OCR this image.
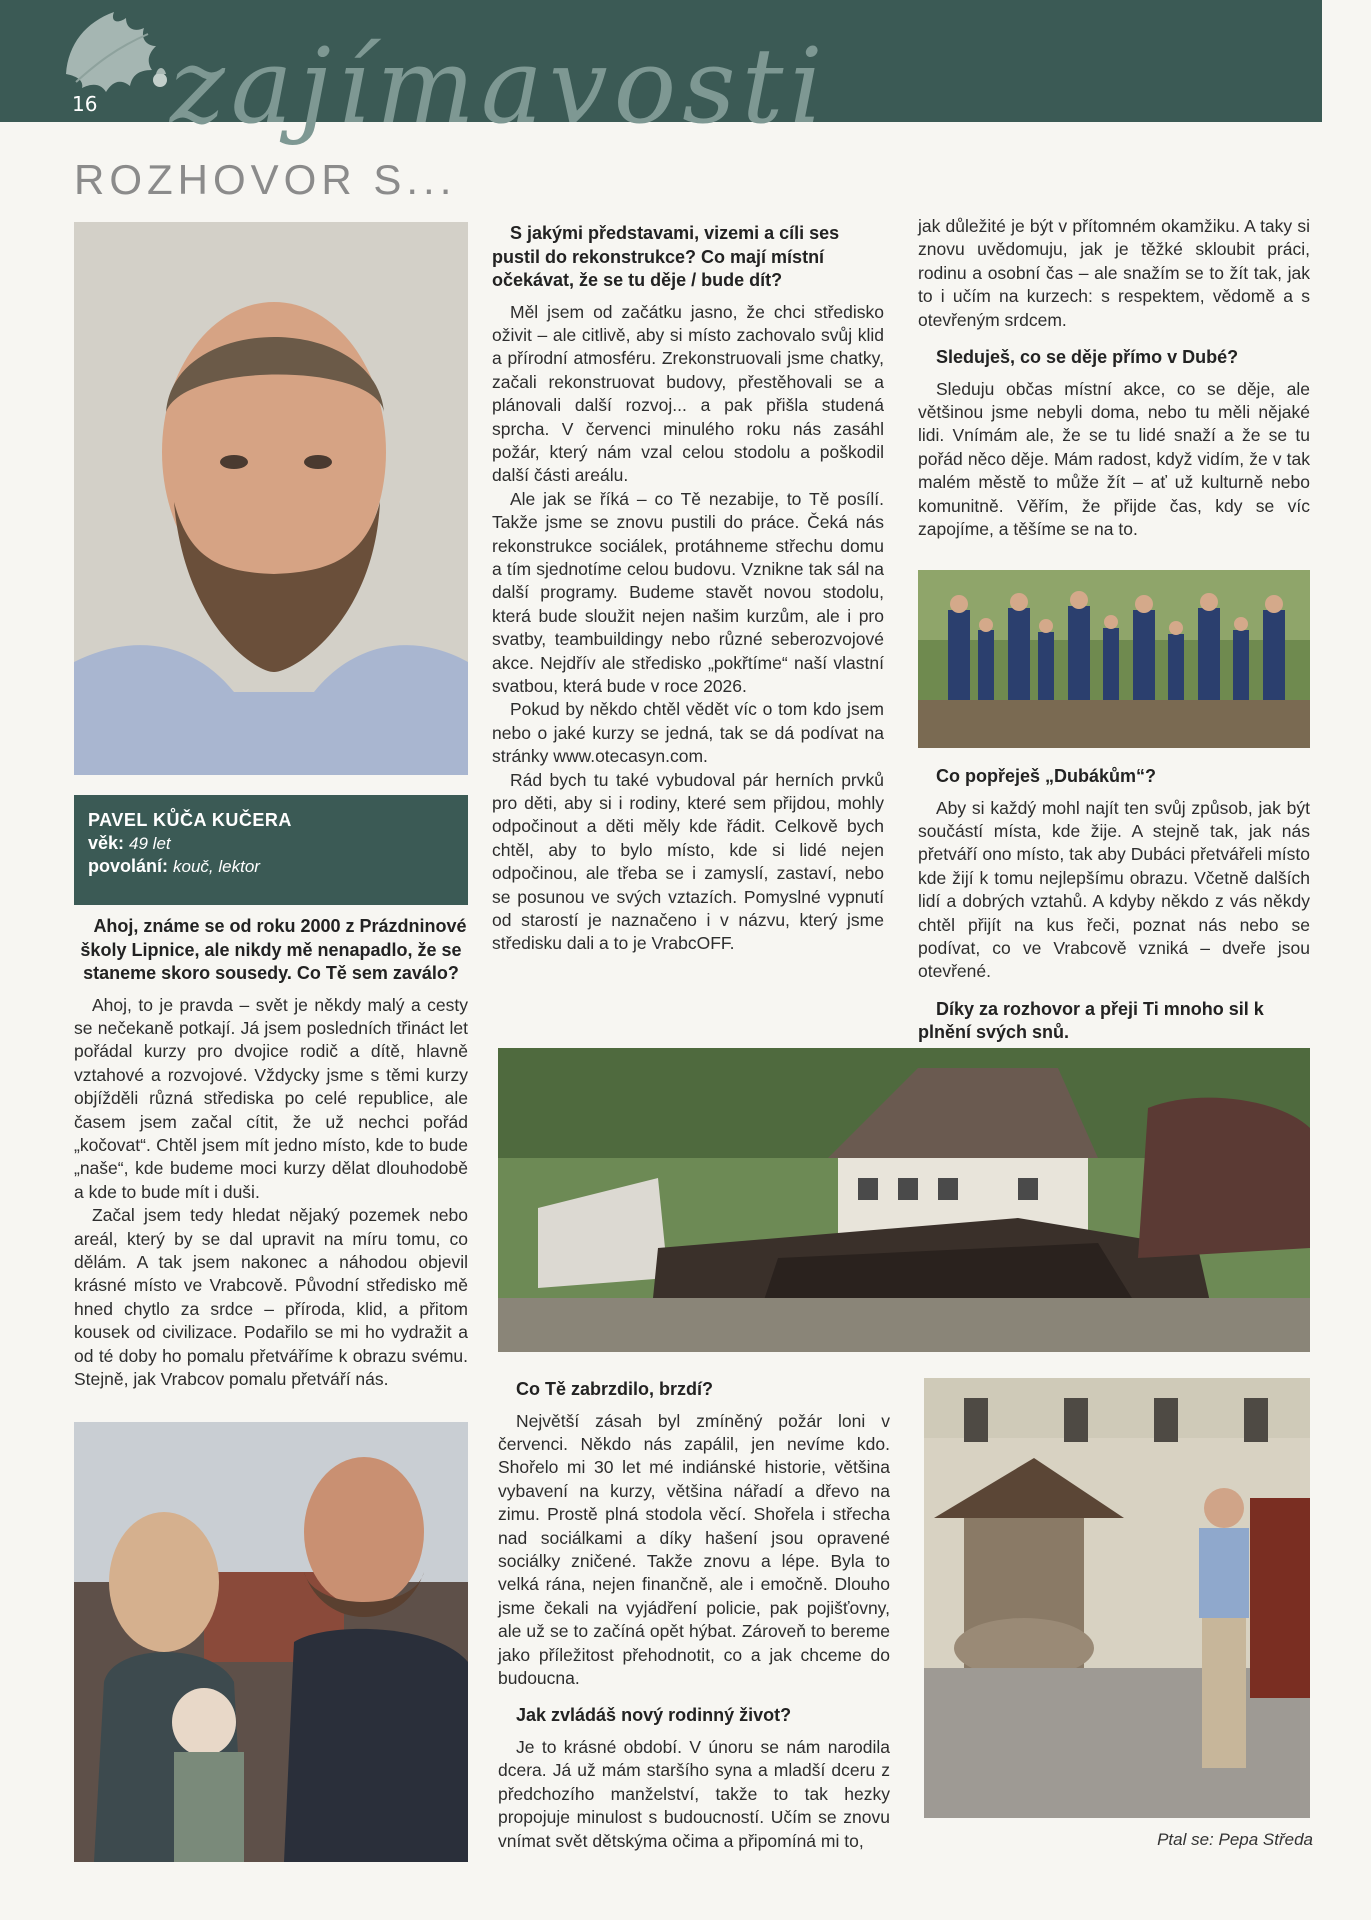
16 zajímavosti
ROZHOVOR S...
PAVEL KŮČA KUČERA
věk: 49 let
povolání: kouč, lektor
Ahoj, známe se od roku 2000 z Prázdninové školy Lipnice, ale nikdy mě nenapadlo, že se staneme skoro sousedy. Co Tě sem zaválo?

Ahoj, to je pravda – svět je někdy malý a cesty se nečekaně potkají. Já jsem posledních třináct let pořádal kurzy pro dvojice rodič a dítě, hlavně vztahové a rozvojové. Vždycky jsme s těmi kurzy objížděli různá střediska po celé republice, ale časem jsem začal cítit, že už nechci pořád „kočovat“. Chtěl jsem mít jedno místo, kde to bude „naše“, kde budeme moci kurzy dělat dlouhodobě a kde to bude mít i duši.

Začal jsem tedy hledat nějaký pozemek nebo areál, který by se dal upravit na míru tomu, co dělám. A tak jsem nakonec a náhodou objevil krásné místo ve Vrabcově. Původní středisko mě hned chytlo za srdce – příroda, klid, a přitom kousek od civilizace. Podařilo se mi ho vydražit a od té doby ho pomalu přetváříme k obrazu svému. Stejně, jak Vrabcov pomalu přetváří nás.

S jakými představami, vizemi a cíli ses pustil do rekonstrukce? Co mají místní očekávat, že se tu děje / bude dít?

Měl jsem od začátku jasno, že chci středisko oživit – ale citlivě, aby si místo zachovalo svůj klid a přírodní atmosféru. Zrekonstruovali jsme chatky, začali rekonstruovat budovy, přestěhovali se a plánovali další rozvoj... a pak přišla studená sprcha. V červenci minulého roku nás zasáhl požár, který nám vzal celou stodolu a poškodil další části areálu.

Ale jak se říká – co Tě nezabije, to Tě posílí. Takže jsme se znovu pustili do práce. Čeká nás rekonstrukce sociálek, protáhneme střechu domu a tím sjednotíme celou budovu. Vznikne tak sál na další programy. Budeme stavět novou stodolu, která bude sloužit nejen našim kurzům, ale i pro svatby, teambuildingy nebo různé seberozvojové akce. Nejdřív ale středisko „pokřtíme“ naší vlastní svatbou, která bude v roce 2026.

Pokud by někdo chtěl vědět víc o tom kdo jsem nebo o jaké kurzy se jedná, tak se dá podívat na stránky www.otecasyn.com.

Rád bych tu také vybudoval pár herních prvků pro děti, aby si i rodiny, které sem přijdou, mohly odpočinout a děti měly kde řádit. Celkově bych chtěl, aby to bylo místo, kde si lidé nejen odpočinou, ale třeba se i zamyslí, zastaví, nebo se posunou ve svých vztazích. Pomyslné vypnutí od starostí je naznačeno i v názvu, který jsme středisku dali a to je VrabcOFF.

jak důležité je být v přítomném okamžiku. A taky si znovu uvědomuju, jak je těžké skloubit práci, rodinu a osobní čas – ale snažím se to žít tak, jak to i učím na kurzech: s respektem, vědomě a s otevřeným srdcem.

Sleduješ, co se děje přímo v Dubé?

Sleduju občas místní akce, co se děje, ale většinou jsme nebyli doma, nebo tu měli nějaké lidi. Vnímám ale, že se tu lidé snaží a že se tu pořád něco děje. Mám radost, když vidím, že v tak malém městě to může žít – ať už kulturně nebo komunitně. Věřím, že přijde čas, kdy se víc zapojíme, a těšíme se na to.

Co popřeješ „Dubákům“?

Aby si každý mohl najít ten svůj způsob, jak být součástí místa, kde žije. A stejně tak, jak nás přetváří ono místo, tak aby Dubáci přetvářeli místo kde žijí k tomu nejlepšímu obrazu. Včetně dalších lidí a dobrých vztahů. A kdyby někdo z vás někdy chtěl přijít na kus řeči, poznat nás nebo se podívat, co ve Vrabcově vzniká – dveře jsou otevřené.

Díky za rozhovor a přeji Ti mnoho sil k plnění svých snů.
Co Tě zabrzdilo, brzdí?

Největší zásah byl zmíněný požár loni v červenci. Někdo nás zapálil, jen nevíme kdo. Shořelo mi 30 let mé indiánské historie, většina vybavení na kurzy, většina nářadí a dřevo na zimu. Prostě plná stodola věcí. Shořela i střecha nad sociálkami a díky hašení jsou opravené sociálky zničené. Takže znovu a lépe. Byla to velká rána, nejen finančně, ale i emočně. Dlouho jsme čekali na vyjádření policie, pak pojišťovny, ale už se to začíná opět hýbat. Zároveň to bereme jako příležitost přehodnotit, co a jak chceme do budoucna.

Jak zvládáš nový rodinný život?

Je to krásné období. V únoru se nám narodila dcera. Já už mám staršího syna a mladší dceru z předchozího manželství, takže to tak hezky propojuje minulost s budoucností. Učím se znovu vnímat svět dětskýma očima a připomíná mi to,	Ptal se: Pepa Středa
